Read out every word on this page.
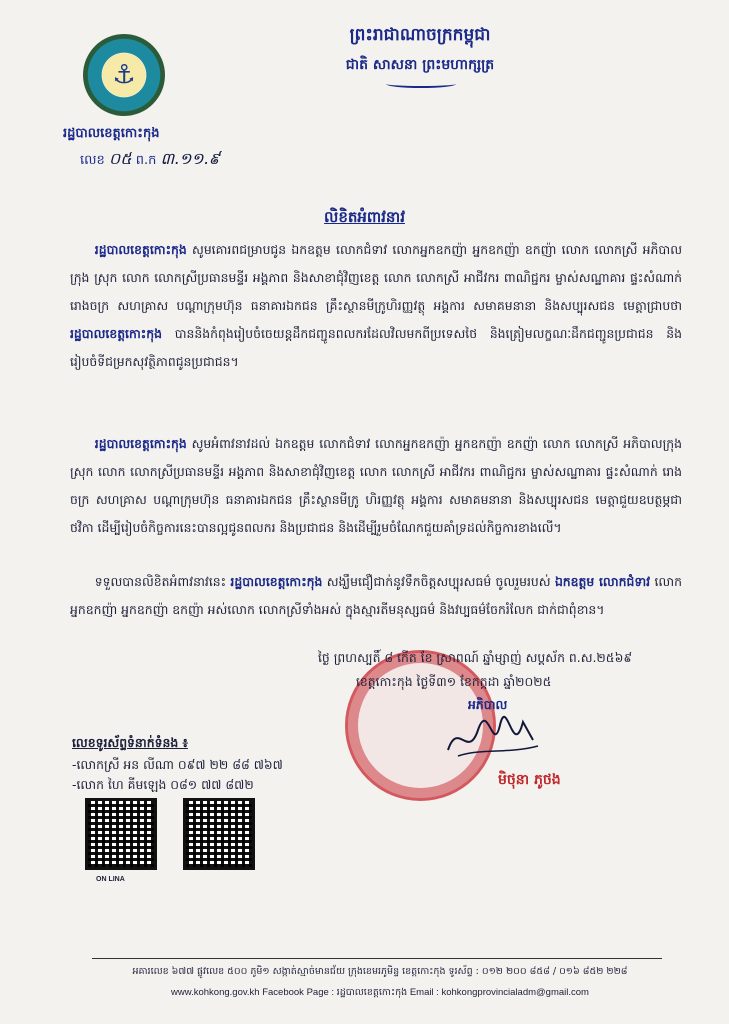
⚓
រដ្ឋបាលខេត្តកោះកុង
លេខ ០៥ ព.ក ៣.១១.៩
ព្រះរាជាណាចក្រកម្ពុជា
ជាតិ សាសនា ព្រះមហាក្សត្រ
លិខិតអំពាវនាវ
  រដ្ឋបាលខេត្តកោះកុង សូមគោរពជម្រាបជូន ឯកឧត្តម លោកជំទាវ លោកអ្នកឧកញ៉ា អ្នកឧកញ៉ា ឧកញ៉ា លោក លោកស្រី អភិបាលក្រុង ស្រុក លោក លោកស្រីប្រធានមន្ទីរ អង្គភាព និងសាខាជុំវិញខេត្ត លោក លោកស្រី អាជីវករ ពាណិជ្ជករ ម្ចាស់សណ្ឋាគារ ផ្ទះសំណាក់ រោងចក្រ សហគ្រាស បណ្តាក្រុមហ៊ុន ធនាគារឯកជន គ្រឹះស្ថានមីក្រូហិរញ្ញវត្ថុ អង្គការ សមាគមនានា និងសប្បុរសជន មេត្តាជ្រាបថា រដ្ឋបាលខេត្តកោះកុង បាននិងកំពុងរៀបចំចេយន្តដឹកជញ្ជូនពលករដែលវិលមកពីប្រទេសថៃ និងត្រៀមលក្ខណៈដឹកជញ្ជូនប្រជាជន និងរៀបចំទីជម្រកសុវត្ថិភាពជូនប្រជាជន។
  រដ្ឋបាលខេត្តកោះកុង សូមអំពាវនាវដល់ ឯកឧត្តម លោកជំទាវ លោកអ្នកឧកញ៉ា អ្នកឧកញ៉ា ឧកញ៉ា លោក លោកស្រី អភិបាលក្រុង ស្រុក លោក លោកស្រីប្រធានមន្ទីរ អង្គភាព និងសាខាជុំវិញខេត្ត លោក លោកស្រី អាជីវករ ពាណិជ្ជករ ម្ចាស់សណ្ឋាគារ ផ្ទះសំណាក់ រោងចក្រ សហគ្រាស បណ្តាក្រុមហ៊ុន ធនាគារឯកជន គ្រឹះស្ថានមីក្រូ ហិរញ្ញវត្ថុ អង្គការ សមាគមនានា និងសប្បុរសជន មេត្តាជួយឧបត្ថម្ភជាថវិកា ដើម្បីរៀបចំកិច្ចការនេះបានល្អជូនពលករ និងប្រជាជន និងដើម្បីរួមចំណែកជួយគាំទ្រដល់កិច្ចការខាងលើ។
  ទទួលបានលិខិតអំពាវនាវនេះ រដ្ឋបាលខេត្តកោះកុង សង្ឃឹមជឿជាក់នូវទឹកចិត្តសប្បុរសធម៌ ចូលរួមរបស់ ឯកឧត្តម លោកជំទាវ លោកអ្នកឧកញ៉ា អ្នកឧកញ៉ា ឧកញ៉ា អស់លោក លោកស្រីទាំងអស់ ក្នុងស្មារតីមនុស្សធម៌ និងវប្បធម៌ចែករំលែក ជាក់ជាពុំខាន។
ថ្ងៃ ព្រហស្បតិ៍ ៨ កើត ខែ ស្រាពណ៍ ឆ្នាំម្សាញ់ សប្តស័ក ព.ស.២៥៦៩
ខេត្តកោះកុង ថ្ងៃទី៣១ ខែកក្កដា ឆ្នាំ២០២៥
អភិបាល
មិថុនា ភូថង
លេខទូរស័ព្ទទំនាក់ទំនង ៖
-លោកស្រី អន លីណា ០៩៧ ២២ ៨៨ ៧៦៧
-លោក ហៃ គីមឡេង ០៨១ ៧៧ ៨៧២
ON LINA
អគារលេខ ៦៧៧ ផ្លូវលេខ ៥០០ ភូមិ១ សង្កាត់ស្មាច់មានជ័យ ក្រុងខេមរភូមិន្ទ ខេត្តកោះកុង ទូរស័ព្ទ : ០១២ ២០០ ៨៥៨ / ០១៦ ៨៥២ ២២៨
www.kohkong.gov.kh Facebook Page : រដ្ឋបាលខេត្តកោះកុង Email : kohkongprovincialadm@gmail.com
